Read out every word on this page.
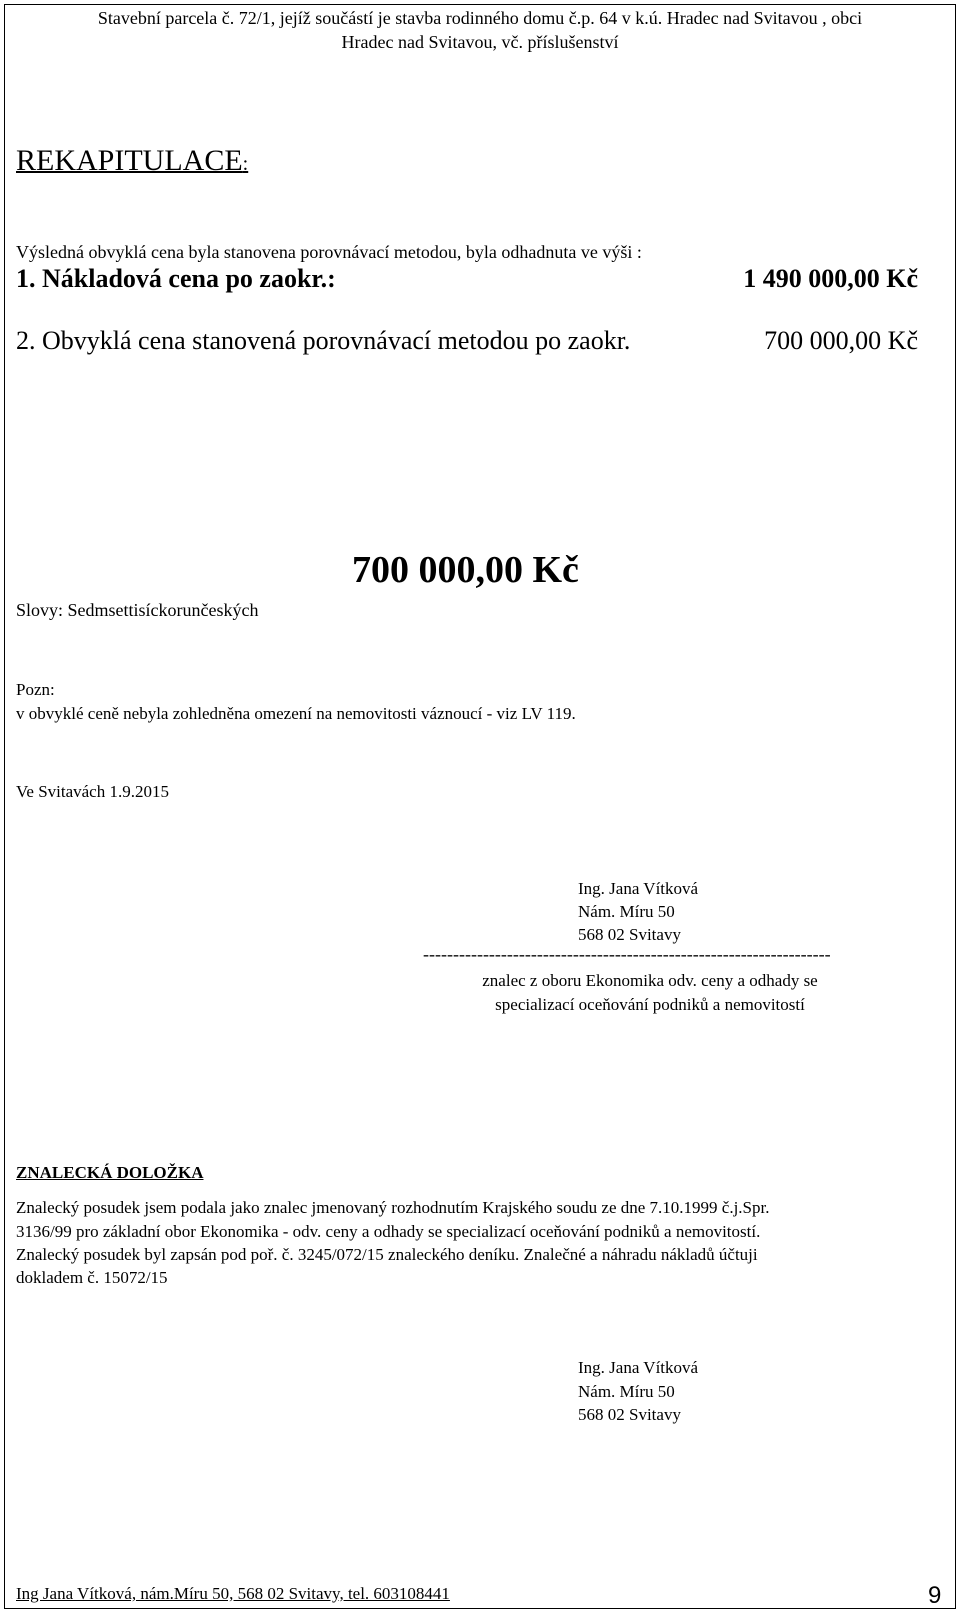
Stavební parcela č. 72/1, jejíž součástí je stavba rodinného domu č.p. 64 v k.ú. Hradec nad Svitavou , obci
Hradec nad Svitavou, vč. příslušenství
REKAPITULACE:
1. Nákladová cena po zaokr.:	1 490 000,00 Kč
2. Obvyklá cena stanovená porovnávací metodou po zaokr.	700 000,00 Kč
Výsledná obvyklá cena byla stanovena porovnávací metodou, byla odhadnuta ve výši :
700 000,00 Kč
Slovy: Sedmsettisíckorunčeských
Pozn:
v obvyklé ceně nebyla zohledněna omezení na nemovitosti váznoucí - viz LV 119.
Ve Svitavách 1.9.2015
Ing. Jana Vítková
Nám. Míru 50
568 02 Svitavy
--------------------------------------------------------------------
znalec z oboru Ekonomika odv. ceny a odhady se
specializací oceňování podniků a nemovitostí
ZNALECKÁ DOLOŽKA
Znalecký posudek jsem podala jako znalec jmenovaný rozhodnutím Krajského soudu ze dne 7.10.1999 č.j.Spr.
3136/99 pro základní obor Ekonomika - odv. ceny a odhady se specializací oceňování podniků a nemovitostí.
Znalecký posudek byl zapsán pod poř. č. 3245/072/15 znaleckého deníku. Znalečné a náhradu nákladů účtuji
dokladem č. 15072/15
Ing. Jana Vítková
Nám. Míru 50
568 02 Svitavy
Ing Jana Vítková, nám.Míru 50, 568 02 Svitavy, tel. 603108441	9
